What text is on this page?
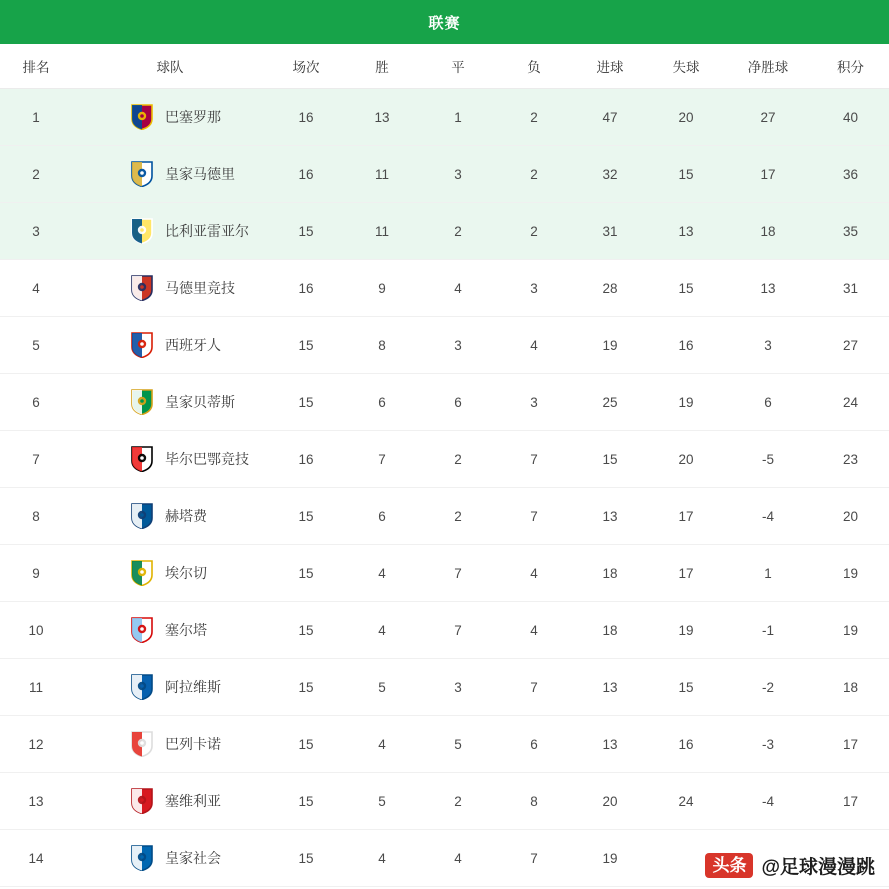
联赛
排名	球队	场次	胜	平	负	进球	失球	净胜球	积分
1	巴塞罗那	16	13	1	2	47	20	27	40
2	皇家马德里	16	11	3	2	32	15	17	36
3	比利亚雷亚尔	15	11	2	2	31	13	18	35
4	马德里竞技	16	9	4	3	28	15	13	31
5	西班牙人	15	8	3	4	19	16	3	27
6	皇家贝蒂斯	15	6	6	3	25	19	6	24
7	毕尔巴鄂竞技	16	7	2	7	15	20	-5	23
8	赫塔费	15	6	2	7	13	17	-4	20
9	埃尔切	15	4	7	4	18	17	1	19
10	塞尔塔	15	4	7	4	18	19	-1	19
11	阿拉维斯	15	5	3	7	13	15	-2	18
12	巴列卡诺	15	4	5	6	13	16	-3	17
13	塞维利亚	15	5	2	8	20	24	-4	17
14	皇家社会	15	4	4	7	19				头条 @足球漫漫跳
